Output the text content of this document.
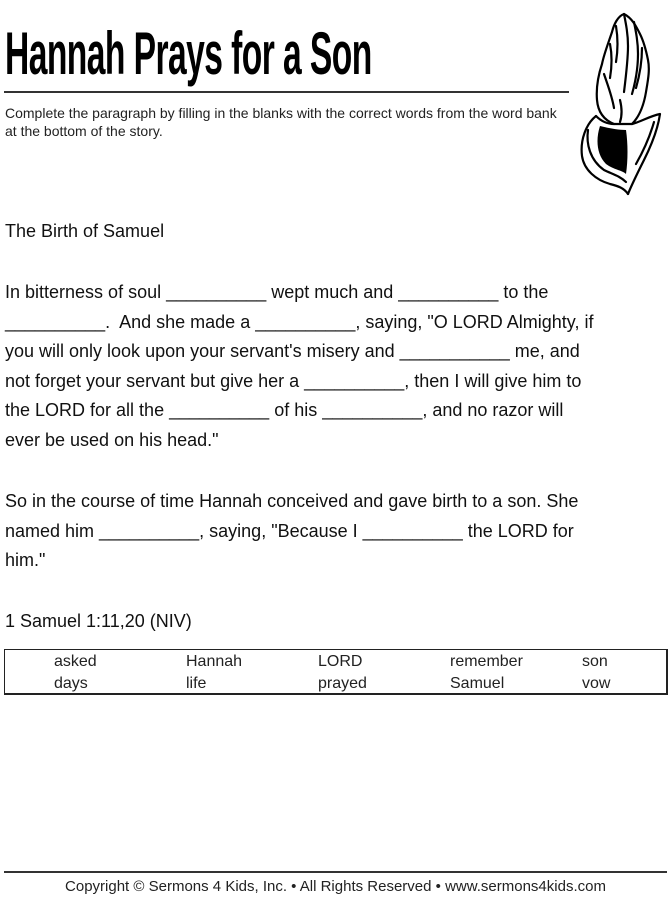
Hannah Prays for a Son

Complete the paragraph by filling in the blanks with the correct words from the word bank at the bottom of the story.

The Birth of Samuel

In bitterness of soul __________ wept much and __________ to the
__________.  And she made a __________, saying, "O LORD Almighty, if
you will only look upon your servant's misery and ___________ me, and
not forget your servant but give her a __________, then I will give him to
the LORD for all the __________ of his __________, and no razor will
ever be used on his head."

So in the course of time Hannah conceived and gave birth to a son. She
named him __________, saying, "Because I __________ the LORD for
him."

1 Samuel 1:11,20 (NIV)

asked	Hannah	LORD	remember	son
days	life	prayed	Samuel	vow

Copyright © Sermons 4 Kids, Inc. • All Rights Reserved • www.sermons4kids.com
